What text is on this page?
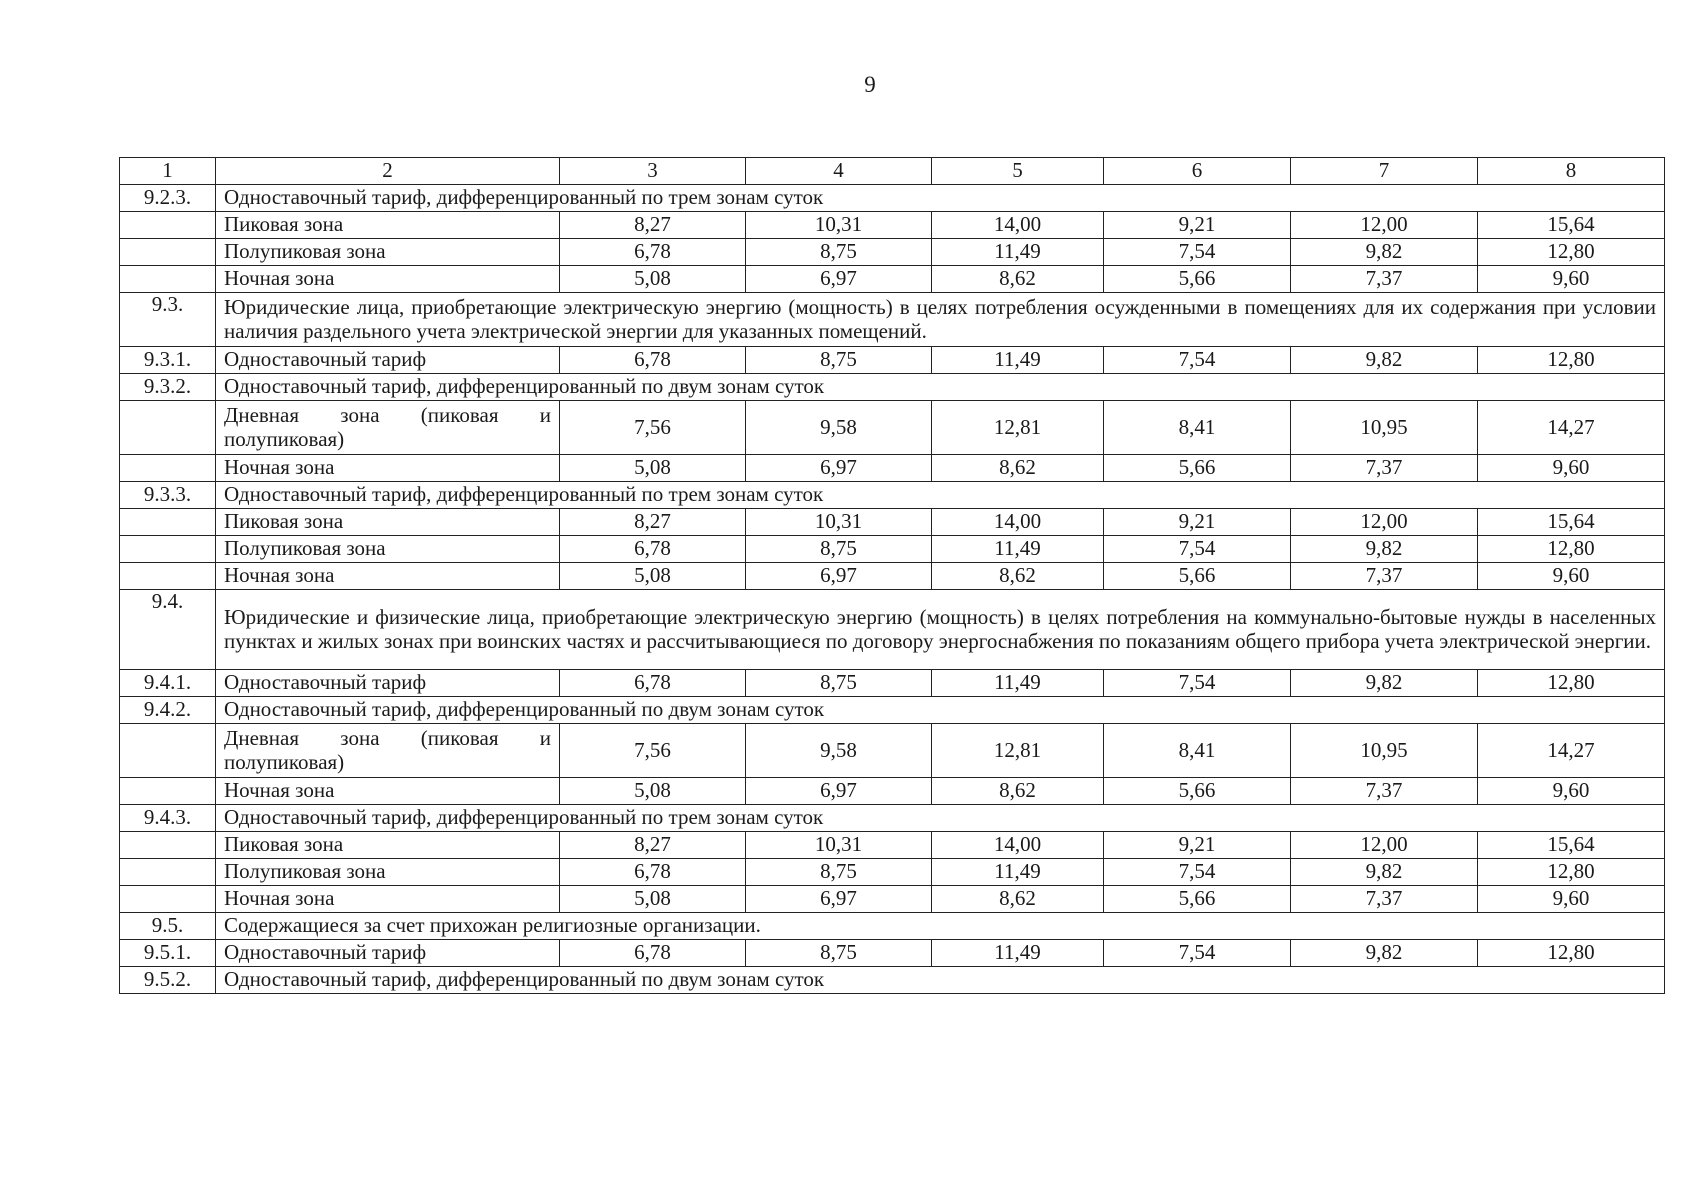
9
1	2	3	4	5	6	7	8
9.2.3.	Одноставочный тариф, дифференцированный по трем зонам суток						
	Пиковая зона	8,27	10,31	14,00	9,21	12,00	15,64
	Полупиковая зона	6,78	8,75	11,49	7,54	9,82	12,80
	Ночная зона	5,08	6,97	8,62	5,66	7,37	9,60
9.3.	Юридические лица, приобретающие электрическую энергию (мощность) в целях потребления осужденными в помещениях для их содержания при условии наличия раздельного учета электрической энергии для указанных помещений.						
9.3.1.	Одноставочный тариф	6,78	8,75	11,49	7,54	9,82	12,80
9.3.2.	Одноставочный тариф, дифференцированный по двум зонам суток						
	Дневная зона (пиковая и полупиковая)	7,56	9,58	12,81	8,41	10,95	14,27
	Ночная зона	5,08	6,97	8,62	5,66	7,37	9,60
9.3.3.	Одноставочный тариф, дифференцированный по трем зонам суток						
	Пиковая зона	8,27	10,31	14,00	9,21	12,00	15,64
	Полупиковая зона	6,78	8,75	11,49	7,54	9,82	12,80
	Ночная зона	5,08	6,97	8,62	5,66	7,37	9,60
9.4.	Юридические и физические лица, приобретающие электрическую энергию (мощность) в целях потребления на коммунально-бытовые нужды в населенных пунктах и жилых зонах при воинских частях и рассчитывающиеся по договору энергоснабжения по показаниям общего прибора учета электрической энергии.						
9.4.1.	Одноставочный тариф	6,78	8,75	11,49	7,54	9,82	12,80
9.4.2.	Одноставочный тариф, дифференцированный по двум зонам суток						
	Дневная зона (пиковая и полупиковая)	7,56	9,58	12,81	8,41	10,95	14,27
	Ночная зона	5,08	6,97	8,62	5,66	7,37	9,60
9.4.3.	Одноставочный тариф, дифференцированный по трем зонам суток						
	Пиковая зона	8,27	10,31	14,00	9,21	12,00	15,64
	Полупиковая зона	6,78	8,75	11,49	7,54	9,82	12,80
	Ночная зона	5,08	6,97	8,62	5,66	7,37	9,60
9.5.	Содержащиеся за счет прихожан религиозные организации.						
9.5.1.	Одноставочный тариф	6,78	8,75	11,49	7,54	9,82	12,80
9.5.2.	Одноставочный тариф, дифференцированный по двум зонам суток						
